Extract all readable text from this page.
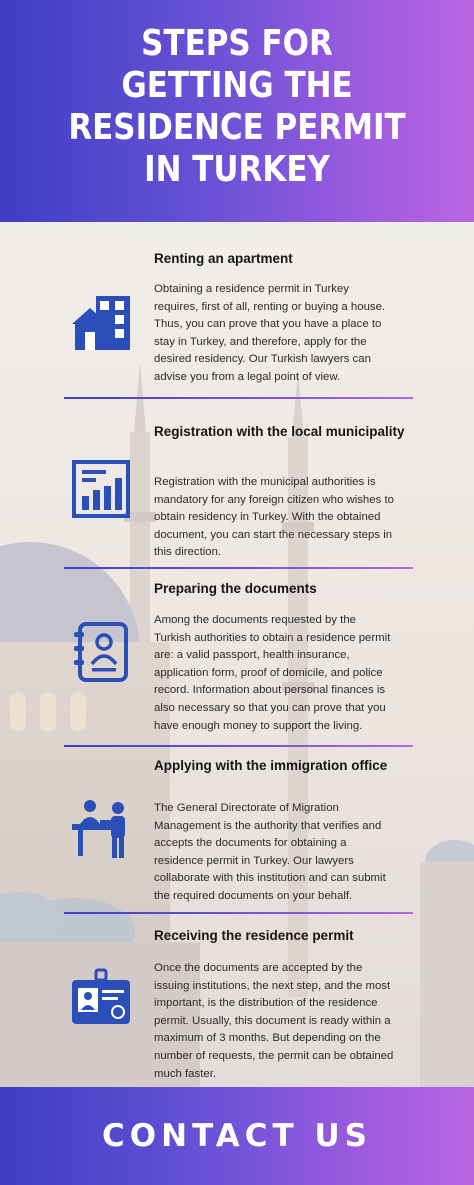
STEPS FOR GETTING THE RESIDENCE PERMIT IN TURKEY
Renting an apartment
Obtaining a residence permit in Turkey requires, first of all, renting or buying a house. Thus, you can prove that you have a place to stay in Turkey, and therefore, apply for the desired residency. Our Turkish lawyers can advise you from a legal point of view.
Registration with the local municipality
Registration with the municipal authorities is mandatory for any foreign citizen who wishes to obtain residency in Turkey. With the obtained document, you can start the necessary steps in this direction.
Preparing the documents
Among the documents requested by the Turkish authorities to obtain a residence permit are: a valid passport, health insurance, application form, proof of domicile, and police record. Information about personal finances is also necessary so that you can prove that you have enough money to support the living.
Applying with the immigration office
The General Directorate of Migration Management is the authority that verifies and accepts the documents for obtaining a residence permit in Turkey. Our lawyers collaborate with this institution and can submit the required documents on your behalf.
Receiving the residence permit
Once the documents are accepted by the issuing institutions, the next step, and the most important, is the distribution of the residence permit. Usually, this document is ready within a maximum of 3 months. But depending on the number of requests, the permit can be obtained much faster.
CONTACT US
